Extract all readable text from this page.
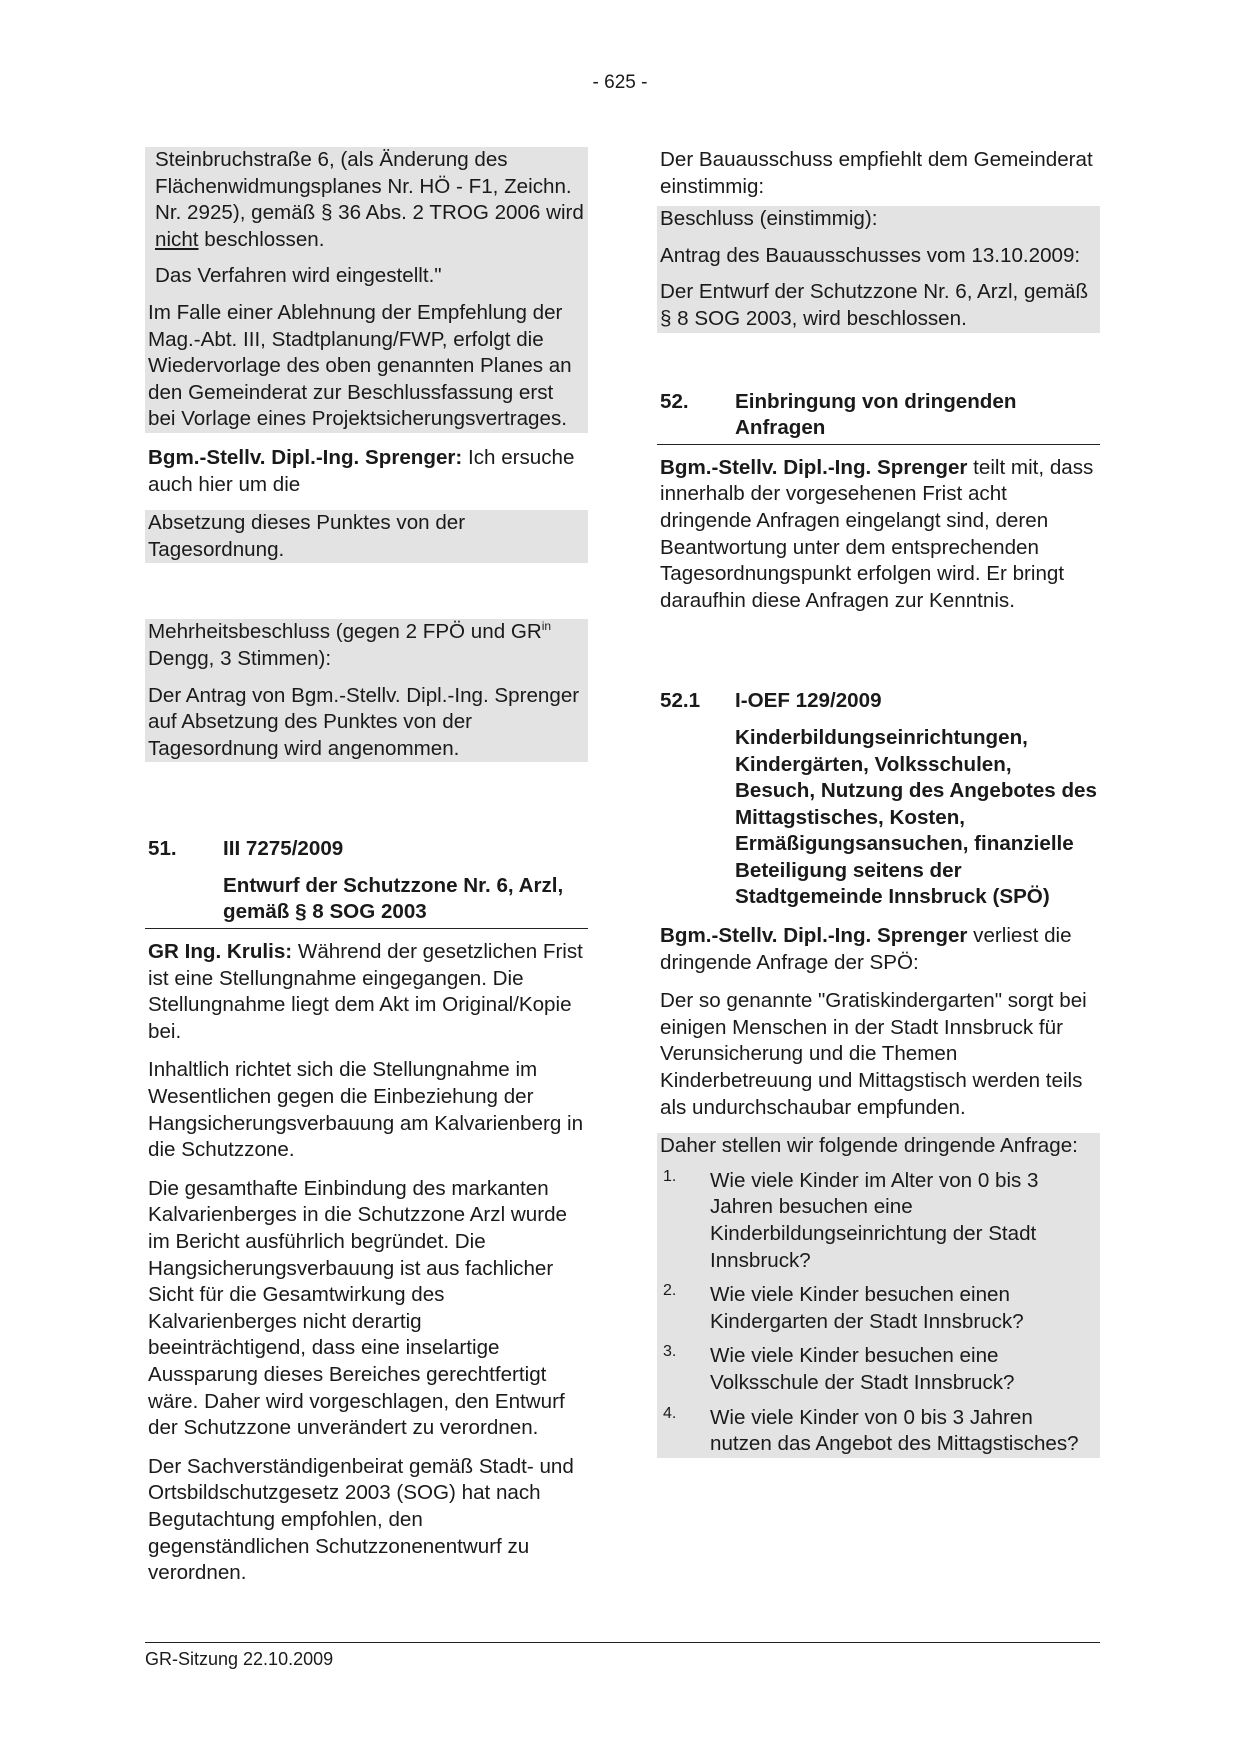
- 625 -

Steinbruchstraße 6, (als Änderung des Flächenwidmungsplanes Nr. HÖ - F1, Zeichn. Nr. 2925), gemäß § 36 Abs. 2 TROG 2006 wird nicht beschlossen.

Das Verfahren wird eingestellt."

Im Falle einer Ablehnung der Empfehlung der Mag.-Abt. III, Stadtplanung/FWP, erfolgt die Wiedervorlage des oben genannten Planes an den Gemeinderat zur Beschlussfassung erst bei Vorlage eines Projektsicherungsvertrages.

Bgm.-Stellv. Dipl.-Ing. Sprenger: Ich ersuche auch hier um die

Absetzung dieses Punktes von der Tagesordnung.

Mehrheitsbeschluss (gegen 2 FPÖ und $GR^{in}$ Dengg, 3 Stimmen):

Der Antrag von Bgm.-Stellv. Dipl.-Ing. Sprenger auf Absetzung des Punktes von der Tagesordnung wird angenommen.

51.	III 7275/2009
Entwurf der Schutzzone Nr. 6, Arzl, gemäß § 8 SOG 2003

GR Ing. Krulis: Während der gesetzlichen Frist ist eine Stellungnahme eingegangen. Die Stellungnahme liegt dem Akt im Original/Kopie bei.

Inhaltlich richtet sich die Stellungnahme im Wesentlichen gegen die Einbeziehung der Hangsicherungsverbauung am Kalvarienberg in die Schutzzone.

Die gesamthafte Einbindung des markanten Kalvarienberges in die Schutzzone Arzl wurde im Bericht ausführlich begründet. Die Hangsicherungsverbauung ist aus fachlicher Sicht für die Gesamtwirkung des Kalvarienberges nicht derartig beeinträchtigend, dass eine inselartige Aussparung dieses Bereiches gerechtfertigt wäre. Daher wird vorgeschlagen, den Entwurf der Schutzzone unverändert zu verordnen.

Der Sachverständigenbeirat gemäß Stadt- und Ortsbildschutzgesetz 2003 (SOG) hat nach Begutachtung empfohlen, den gegenständlichen Schutzzonenentwurf zu verordnen.

Der Bauausschuss empfiehlt dem Gemeinderat einstimmig:

Beschluss (einstimmig):

Antrag des Bauausschusses vom 13.10.2009:

Der Entwurf der Schutzzone Nr. 6, Arzl, gemäß § 8 SOG 2003, wird beschlossen.

52.	Einbringung von dringenden Anfragen

Bgm.-Stellv. Dipl.-Ing. Sprenger teilt mit, dass innerhalb der vorgesehenen Frist acht dringende Anfragen eingelangt sind, deren Beantwortung unter dem entsprechenden Tagesordnungspunkt erfolgen wird. Er bringt daraufhin diese Anfragen zur Kenntnis.

52.1	I-OEF 129/2009
Kinderbildungseinrichtungen, Kindergärten, Volksschulen, Besuch, Nutzung des Angebotes des Mittagstisches, Kosten, Ermäßigungsansuchen, finanzielle Beteiligung seitens der Stadtgemeinde Innsbruck (SPÖ)

Bgm.-Stellv. Dipl.-Ing. Sprenger verliest die dringende Anfrage der SPÖ:

Der so genannte "Gratiskindergarten" sorgt bei einigen Menschen in der Stadt Innsbruck für Verunsicherung und die Themen Kinderbetreuung und Mittagstisch werden teils als undurchschaubar empfunden.

Daher stellen wir folgende dringende Anfrage:

1.	Wie viele Kinder im Alter von 0 bis 3 Jahren besuchen eine Kinderbildungseinrichtung der Stadt Innsbruck?

2.	Wie viele Kinder besuchen einen Kindergarten der Stadt Innsbruck?

3.	Wie viele Kinder besuchen eine Volksschule der Stadt Innsbruck?

4.	Wie viele Kinder von 0 bis 3 Jahren nutzen das Angebot des Mittagstisches?

GR-Sitzung 22.10.2009
